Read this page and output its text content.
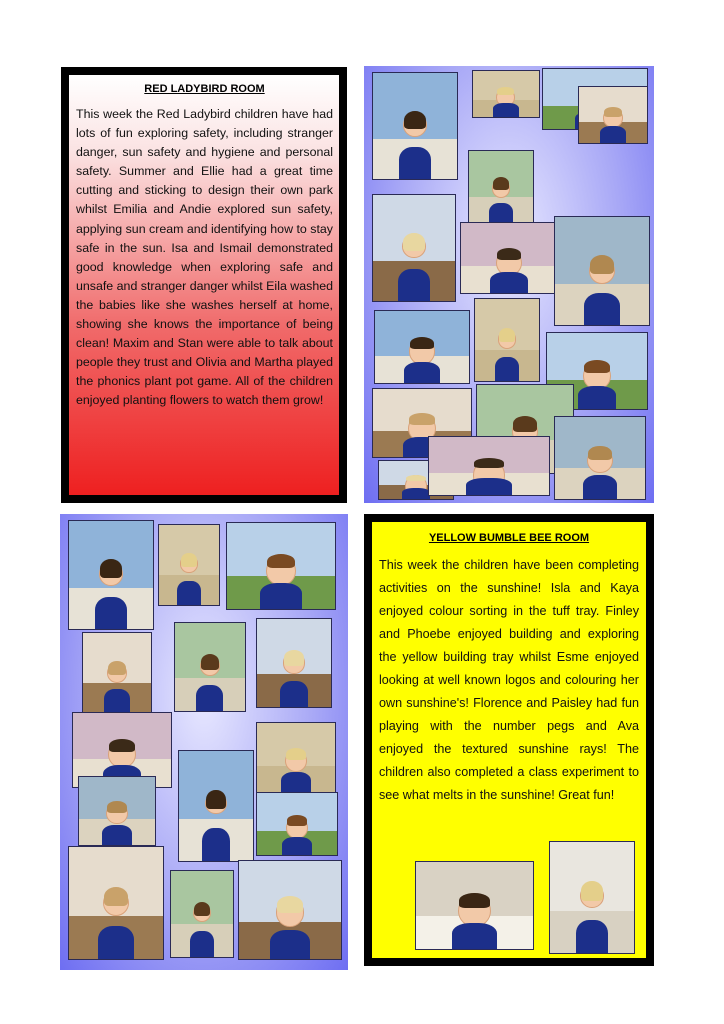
RED LADYBIRD ROOM

This week the Red Ladybird children have had lots of fun exploring safety, including stranger danger, sun safety and hygiene and personal safety. Summer and Ellie had a great time cutting and sticking to design their own park whilst Emilia and Andie explored sun safety, applying sun cream and identifying how to stay safe in the sun. Isa and Ismail demonstrated good knowledge when exploring safe and unsafe and stranger danger whilst Eila washed the babies like she washes herself at home, showing she knows the importance of being clean! Maxim and Stan were able to talk about people they trust and Olivia and Martha played the phonics plant pot game. All of the children enjoyed planting flowers to watch them grow!

YELLOW BUMBLE BEE ROOM

This week the children have been completing activities on the sunshine! Isla and Kaya enjoyed colour sorting in the tuff tray. Finley and Phoebe enjoyed building and exploring the yellow building tray whilst Esme enjoyed looking at well known logos and colouring her own sunshine's! Florence and Paisley had fun playing with the number pegs and Ava enjoyed the textured sunshine rays! The children also completed a class experiment to see what melts in the sunshine! Great fun!
